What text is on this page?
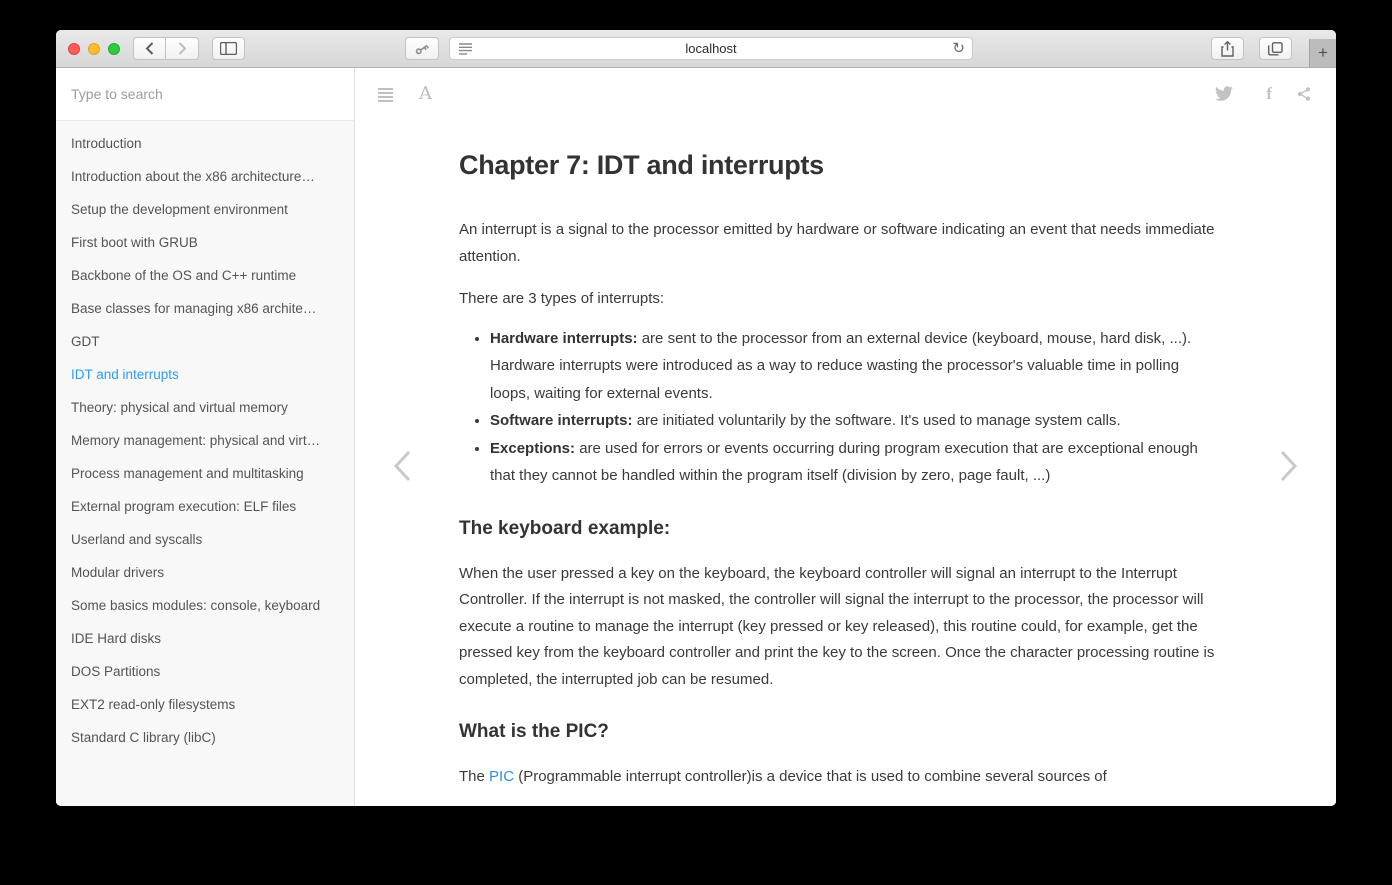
localhost	↻	+
Type to search
Introduction
Introduction about the x86 architecture…
Setup the development environment
First boot with GRUB
Backbone of the OS and C++ runtime
Base classes for managing x86 archite…
GDT
IDT and interrupts
Theory: physical and virtual memory
Memory management: physical and virt…
Process management and multitasking
External program execution: ELF files
Userland and syscalls
Modular drivers
Some basics modules: console, keyboard
IDE Hard disks
DOS Partitions
EXT2 read-only filesystems
Standard C library (libC)
A	f
Chapter 7: IDT and interrupts

An interrupt is a signal to the processor emitted by hardware or software indicating an event that needs immediate attention.

There are 3 types of interrupts:

• Hardware interrupts: are sent to the processor from an external device (keyboard, mouse, hard disk, ...). Hardware interrupts were introduced as a way to reduce wasting the processor's valuable time in polling loops, waiting for external events.
• Software interrupts: are initiated voluntarily by the software. It's used to manage system calls.
• Exceptions: are used for errors or events occurring during program execution that are exceptional enough that they cannot be handled within the program itself (division by zero, page fault, ...)
The keyboard example:

When the user pressed a key on the keyboard, the keyboard controller will signal an interrupt to the Interrupt Controller. If the interrupt is not masked, the controller will signal the interrupt to the processor, the processor will execute a routine to manage the interrupt (key pressed or key released), this routine could, for example, get the pressed key from the keyboard controller and print the key to the screen. Once the character processing routine is completed, the interrupted job can be resumed.

What is the PIC?

The PIC (Programmable interrupt controller)is a device that is used to combine several sources of
